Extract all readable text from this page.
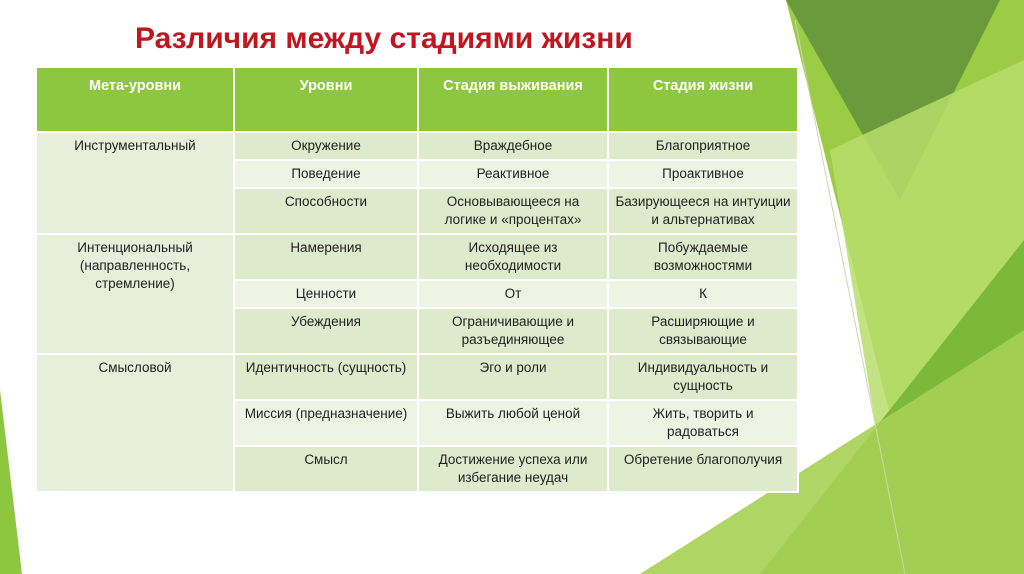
Различия между стадиями жизни
Мета-уровни	Уровни	Стадия выживания	Стадия жизни
Инструментальный	Окружение	Враждебное	Благоприятное
	Поведение	Реактивное	Проактивное
	Способности	Основывающееся на логике и «процентах»	Базирующееся на интуиции и альтернативах
Интенциональный (направленность, стремление)	Намерения	Исходящее из необходимости	Побуждаемые возможностями
	Ценности	От	К
	Убеждения	Ограничивающие и разъединяющее	Расширяющие и связывающие
Смысловой	Идентичность (сущность)	Эго и роли	Индивидуальность и сущность
	Миссия (предназначение)	Выжить любой ценой	Жить, творить и радоваться
	Смысл	Достижение успеха или избегание неудач	Обретение благополучия
